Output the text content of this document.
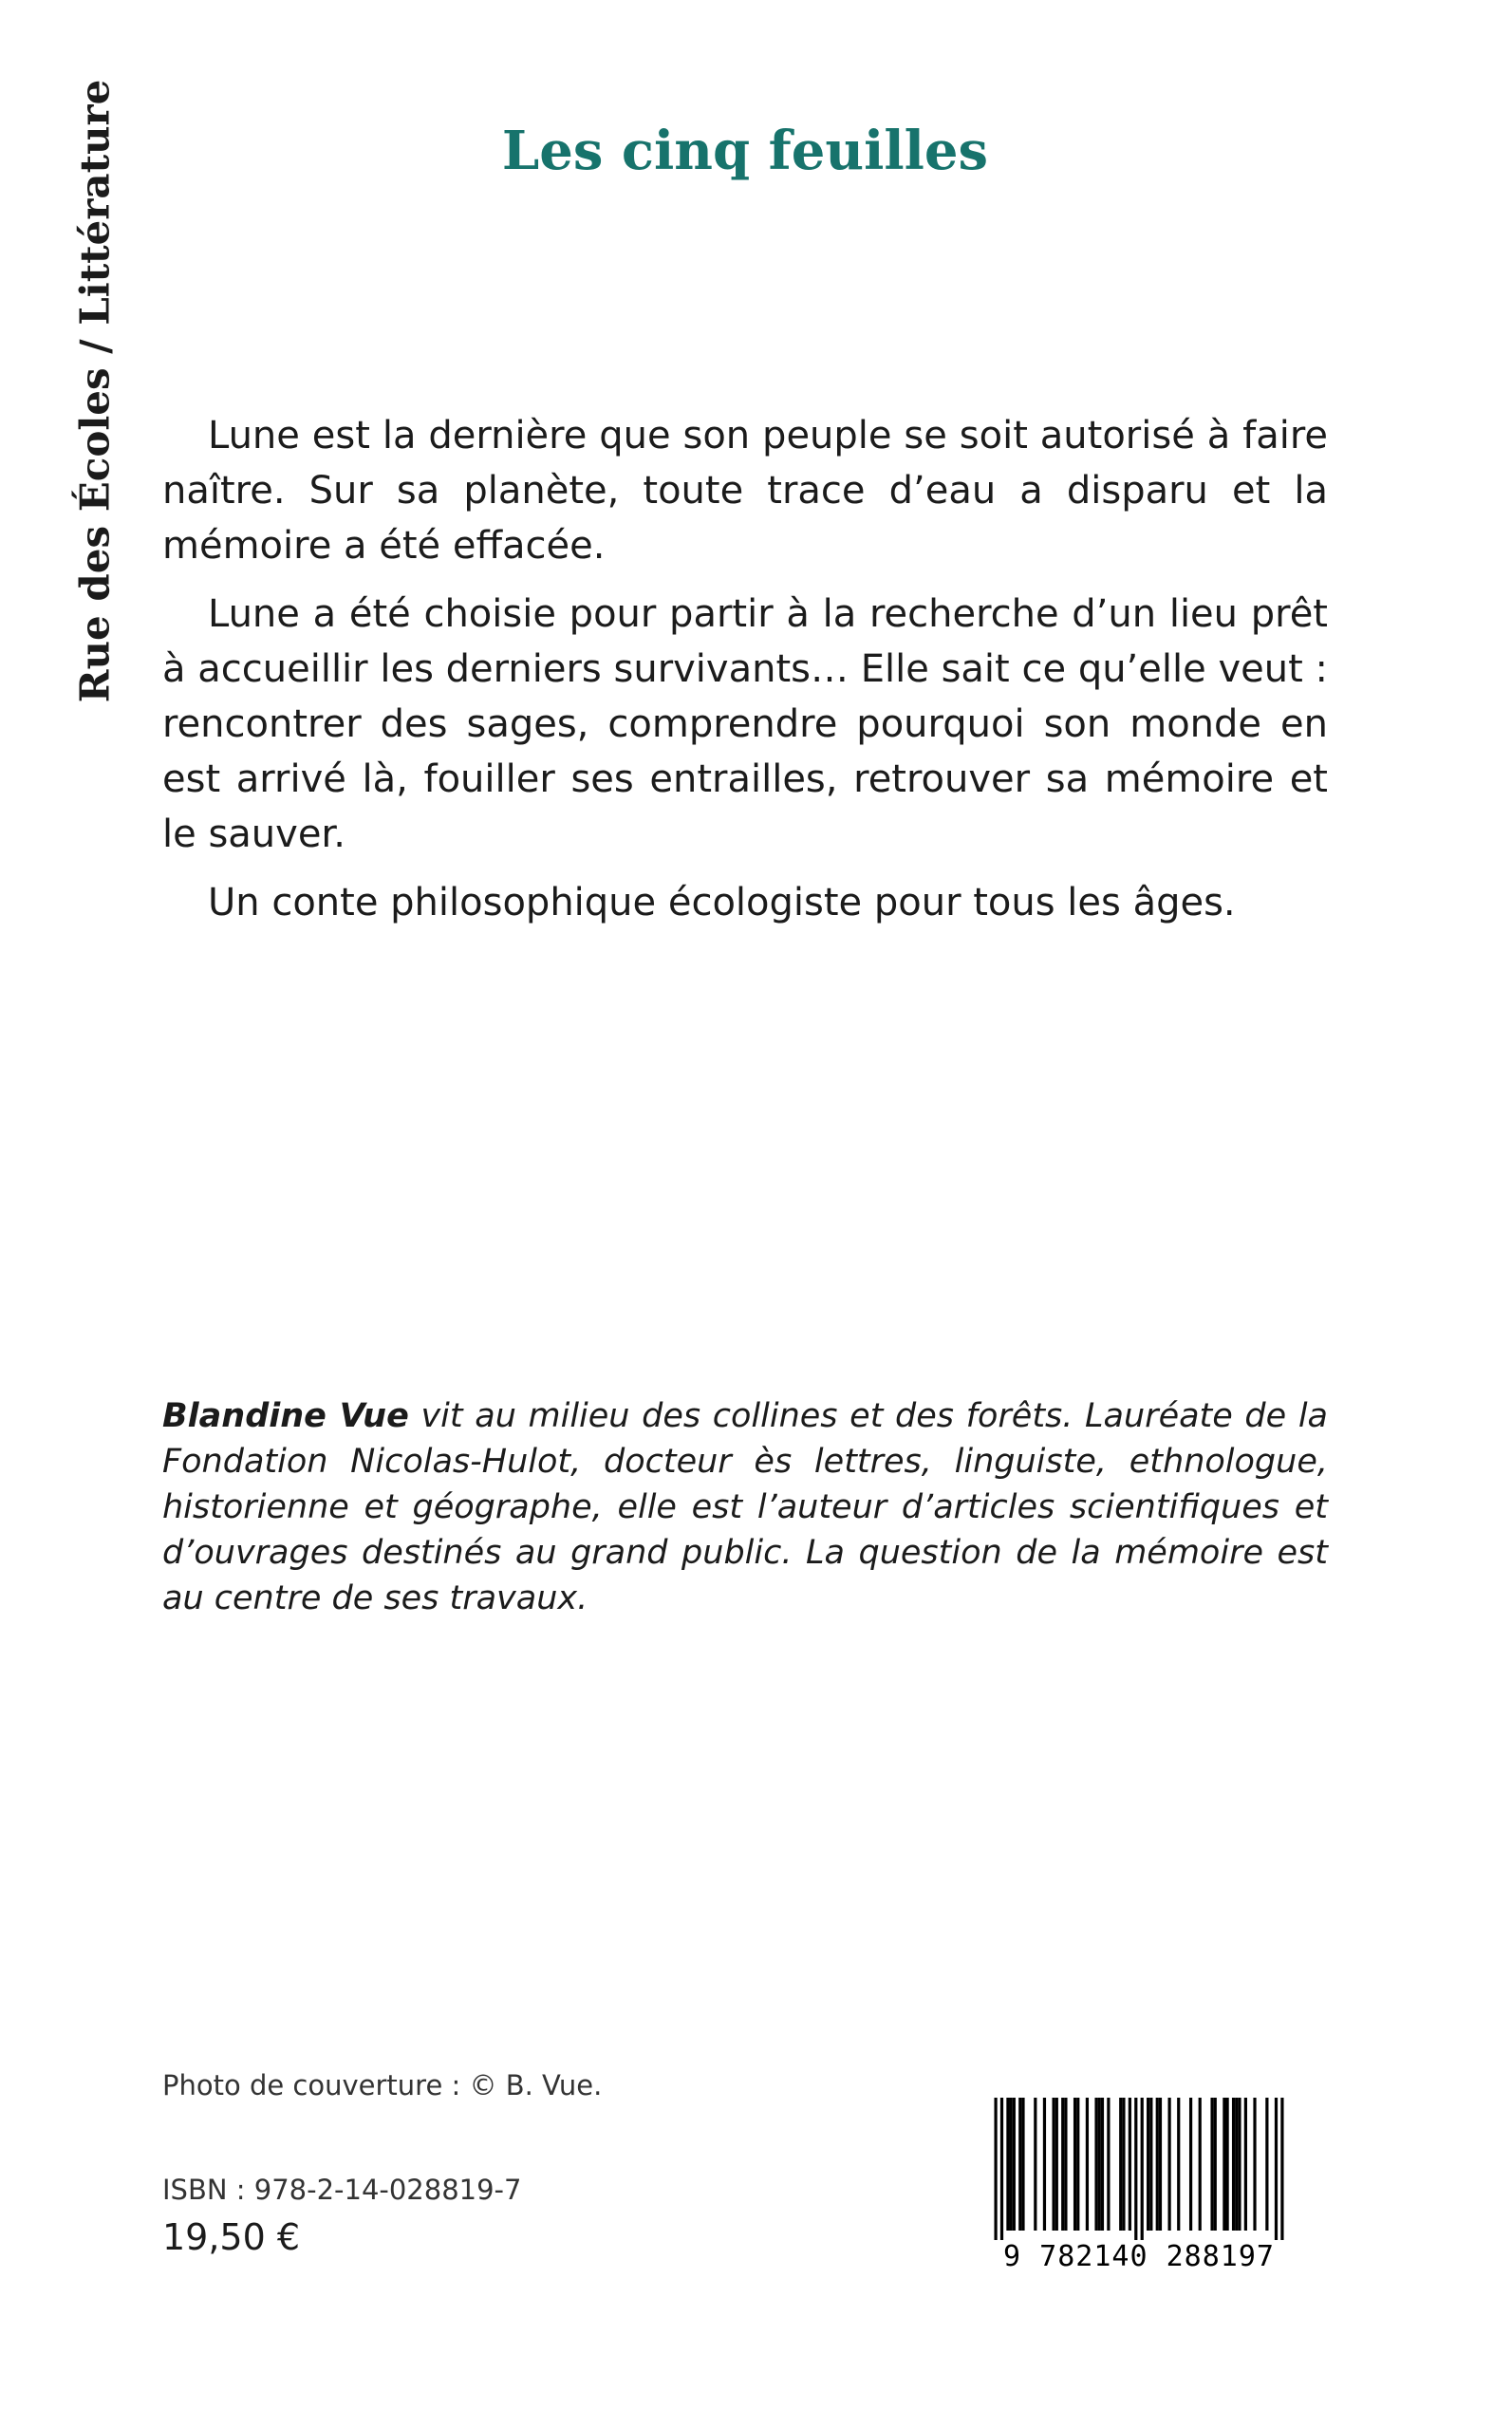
Rue des Écoles / Littérature	Les cinq feuilles

Lune est la dernière que son peuple se soit autorisé à faire naître. Sur sa planète, toute trace d’eau a disparu et la mémoire a été effacée.

Lune a été choisie pour partir à la recherche d’un lieu prêt à accueillir les derniers survivants… Elle sait ce qu’elle veut : rencontrer des sages, comprendre pourquoi son monde en est arrivé là, fouiller ses entrailles, retrouver sa mémoire et le sauver.

Un conte philosophique écologiste pour tous les âges.

Blandine Vue vit au milieu des collines et des forêts. Lauréate de la Fondation Nicolas-Hulot, docteur ès lettres, linguiste, ethnologue, historienne et géographe, elle est l’auteur d’articles scientifiques et d’ouvrages destinés au grand public. La question de la mémoire est au centre de ses travaux.

Photo de couverture : © B. Vue.
ISBN : 978-2-14-028819-7
19,50 €	9 782140 288197
